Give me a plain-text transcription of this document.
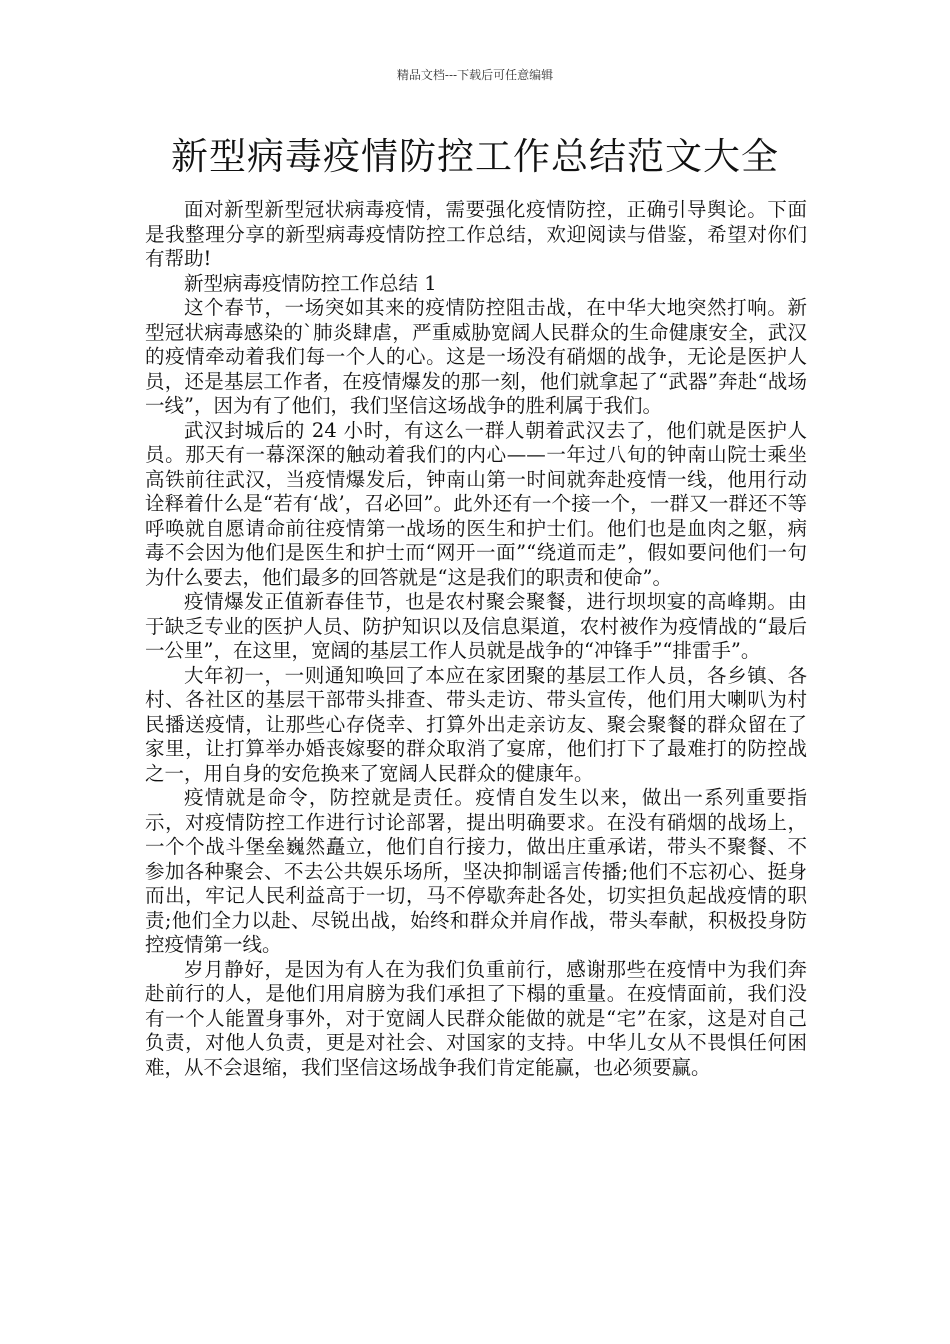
精品文档---下载后可任意编辑
新型病毒疫情防控工作总结范文大全

面对新型新型冠状病毒疫情，需要强化疫情防控，正确引导舆论。下面是我整理分享的新型病毒疫情防控工作总结，欢迎阅读与借鉴，希望对你们有帮助!

新型病毒疫情防控工作总结 1

这个春节，一场突如其来的疫情防控阻击战，在中华大地突然打响。新型冠状病毒感染的`肺炎肆虐，严重威胁宽阔人民群众的生命健康安全，武汉的疫情牵动着我们每一个人的心。这是一场没有硝烟的战争，无论是医护人员，还是基层工作者，在疫情爆发的那一刻，他们就拿起了“武器”奔赴“战场一线”，因为有了他们，我们坚信这场战争的胜利属于我们。

武汉封城后的 24 小时，有这么一群人朝着武汉去了，他们就是医护人员。那天有一幕深深的触动着我们的内心——一年过八旬的钟南山院士乘坐高铁前往武汉，当疫情爆发后，钟南山第一时间就奔赴疫情一线，他用行动诠释着什么是“若有‘战’，召必回”。此外还有一个接一个，一群又一群还不等呼唤就自愿请命前往疫情第一战场的医生和护士们。他们也是血肉之躯，病毒不会因为他们是医生和护士而“网开一面”“绕道而走”，假如要问他们一句为什么要去，他们最多的回答就是“这是我们的职责和使命”。

疫情爆发正值新春佳节，也是农村聚会聚餐，进行坝坝宴的高峰期。由于缺乏专业的医护人员、防护知识以及信息渠道，农村被作为疫情战的“最后一公里”，在这里，宽阔的基层工作人员就是战争的“冲锋手”“排雷手”。

大年初一，一则通知唤回了本应在家团聚的基层工作人员，各乡镇、各村、各社区的基层干部带头排查、带头走访、带头宣传，他们用大喇叭为村民播送疫情，让那些心存侥幸、打算外出走亲访友、聚会聚餐的群众留在了家里，让打算举办婚丧嫁娶的群众取消了宴席，他们打下了最难打的防控战之一，用自身的安危换来了宽阔人民群众的健康年。

疫情就是命令，防控就是责任。疫情自发生以来，做出一系列重要指示，对疫情防控工作进行讨论部署，提出明确要求。在没有硝烟的战场上，一个个战斗堡垒巍然矗立，他们自行接力，做出庄重承诺，带头不聚餐、不参加各种聚会、不去公共娱乐场所，坚决抑制谣言传播;他们不忘初心、挺身而出，牢记人民利益高于一切，马不停歇奔赴各处，切实担负起战疫情的职责;他们全力以赴、尽锐出战，始终和群众并肩作战，带头奉献，积极投身防控疫情第一线。

岁月静好，是因为有人在为我们负重前行，感谢那些在疫情中为我们奔赴前行的人，是他们用肩膀为我们承担了下榻的重量。在疫情面前，我们没有一个人能置身事外，对于宽阔人民群众能做的就是“宅”在家，这是对自己负责，对他人负责，更是对社会、对国家的支持。中华儿女从不畏惧任何困难，从不会退缩，我们坚信这场战争我们肯定能赢，也必须要赢。
